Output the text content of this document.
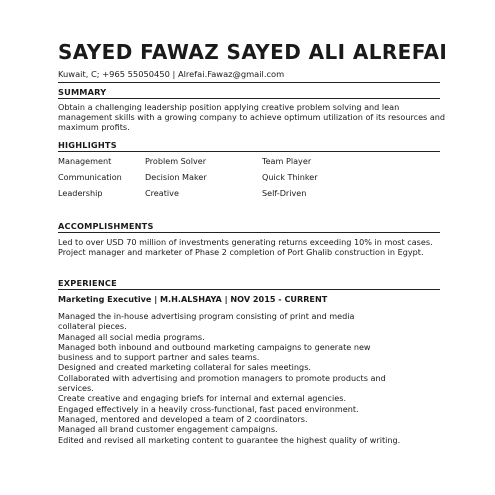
SAYED FAWAZ SAYED ALI ALREFAI
Kuwait, C; +965 55050450 | Alrefai.Fawaz@gmail.com
SUMMARY
Obtain a challenging leadership position applying creative problem solving and lean management skills with a growing company to achieve optimum utilization of its resources and maximum profits.
HIGHLIGHTS
Management	Problem Solver	Team Player
Communication	Decision Maker	Quick Thinker
Leadership	Creative	Self-Driven
ACCOMPLISHMENTS
Led to over USD 70 million of investments generating returns exceeding 10% in most cases.
Project manager and marketer of Phase 2 completion of Port Ghalib construction in Egypt.
EXPERIENCE
Marketing Executive | M.H.ALSHAYA | NOV 2015 - CURRENT
Managed the in-house advertising program consisting of print and media collateral pieces.
Managed all social media programs.
Managed both inbound and outbound marketing campaigns to generate new business and to support partner and sales teams.
Designed and created marketing collateral for sales meetings.
Collaborated with advertising and promotion managers to promote products and services.
Create creative and engaging briefs for internal and external agencies.
Engaged effectively in a heavily cross-functional, fast paced environment.
Managed, mentored and developed a team of 2 coordinators.
Managed all brand customer engagement campaigns.
Edited and revised all marketing content to guarantee the highest quality of writing.
